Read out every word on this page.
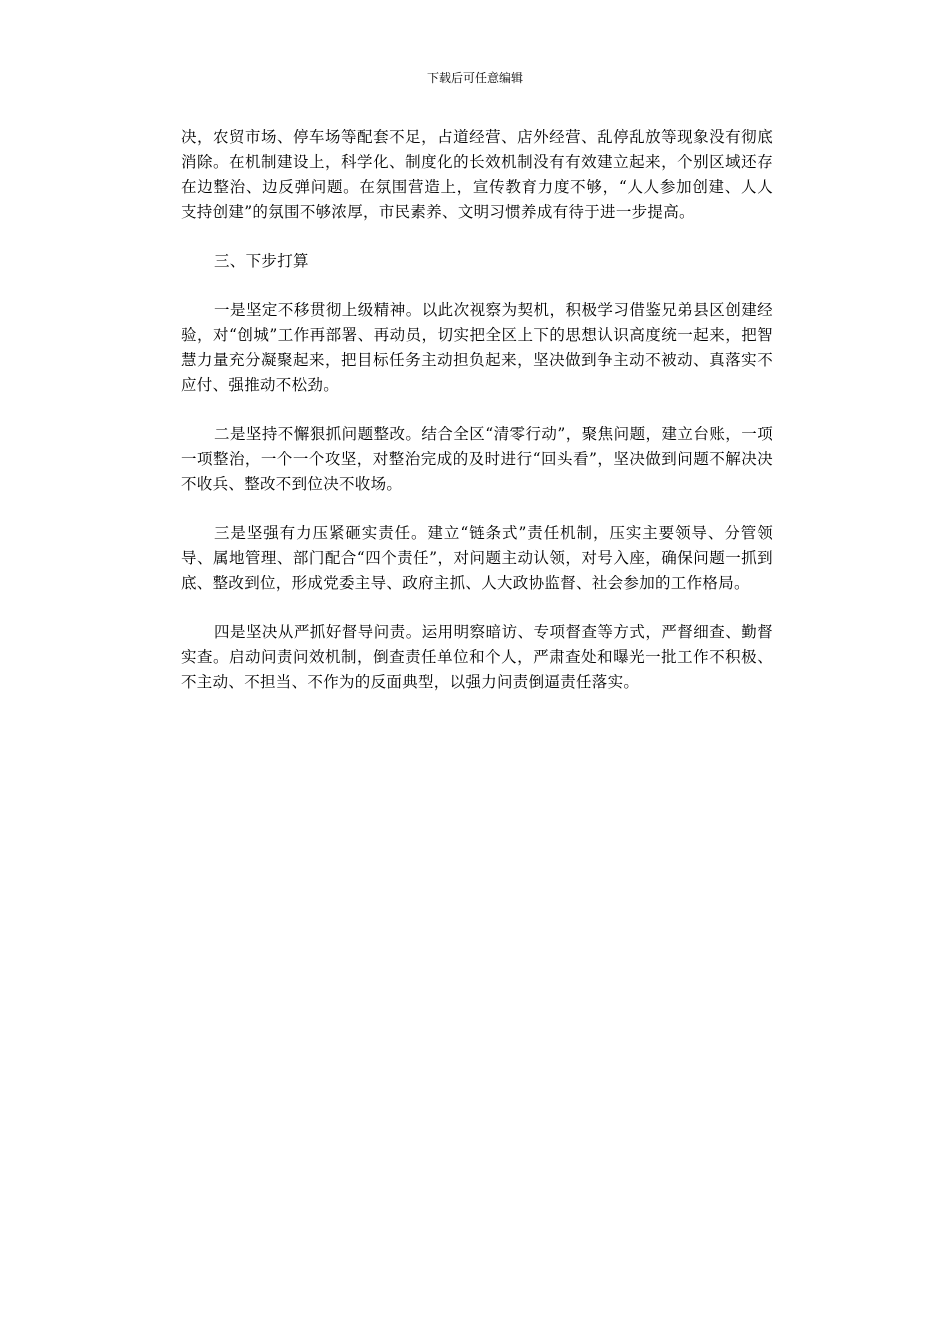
下载后可任意编辑

决，农贸市场、停车场等配套不足，占道经营、店外经营、乱停乱放等现象没有彻底消除。在机制建设上，科学化、制度化的长效机制没有有效建立起来，个别区域还存在边整治、边反弹问题。在氛围营造上，宣传教育力度不够，“人人参加创建、人人支持创建”的氛围不够浓厚，市民素养、文明习惯养成有待于进一步提高。

三、下步打算

一是坚定不移贯彻上级精神。以此次视察为契机，积极学习借鉴兄弟县区创建经验，对“创城”工作再部署、再动员，切实把全区上下的思想认识高度统一起来，把智慧力量充分凝聚起来，把目标任务主动担负起来，坚决做到争主动不被动、真落实不应付、强推动不松劲。

二是坚持不懈狠抓问题整改。结合全区“清零行动”，聚焦问题，建立台账，一项一项整治，一个一个攻坚，对整治完成的及时进行“回头看”，坚决做到问题不解决决不收兵、整改不到位决不收场。

三是坚强有力压紧砸实责任。建立“链条式”责任机制，压实主要领导、分管领导、属地管理、部门配合“四个责任”，对问题主动认领，对号入座，确保问题一抓到底、整改到位，形成党委主导、政府主抓、人大政协监督、社会参加的工作格局。

四是坚决从严抓好督导问责。运用明察暗访、专项督查等方式，严督细查、勤督实查。启动问责问效机制，倒查责任单位和个人，严肃查处和曝光一批工作不积极、不主动、不担当、不作为的反面典型，以强力问责倒逼责任落实。
